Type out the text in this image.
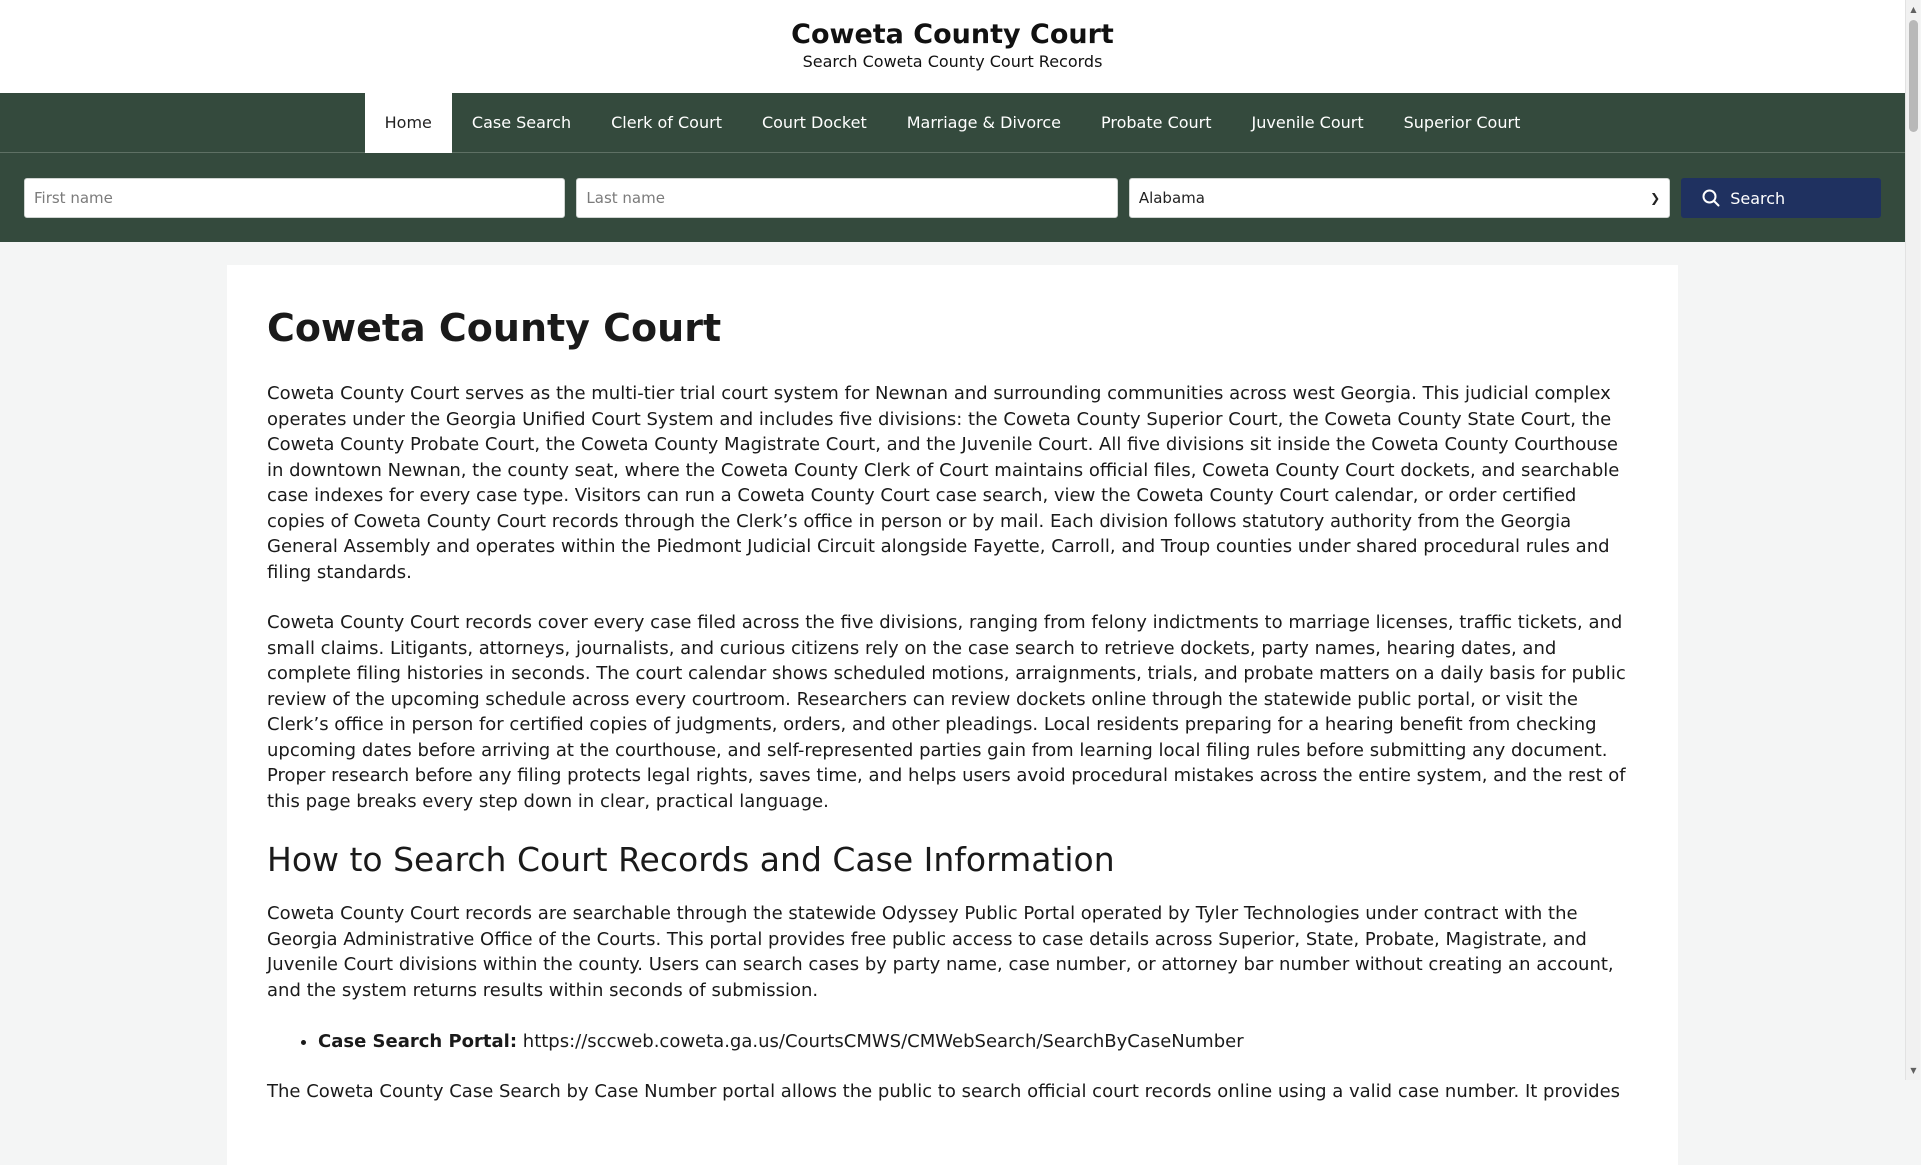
Coweta County Court
Search Coweta County Court Records
Home	Case Search	Clerk of Court	Court Docket	Marriage & Divorce	Probate Court	Juvenile Court	Superior Court
First name
Last name
Alabama	❯	Search
Coweta County Court

Coweta County Court serves as the multi-tier trial court system for Newnan and surrounding communities across west Georgia. This judicial complex operates under the Georgia Unified Court System and includes five divisions: the Coweta County Superior Court, the Coweta County State Court, the Coweta County Probate Court, the Coweta County Magistrate Court, and the Juvenile Court. All five divisions sit inside the Coweta County Courthouse in downtown Newnan, the county seat, where the Coweta County Clerk of Court maintains official files, Coweta County Court dockets, and searchable case indexes for every case type. Visitors can run a Coweta County Court case search, view the Coweta County Court calendar, or order certified copies of Coweta County Court records through the Clerk’s office in person or by mail. Each division follows statutory authority from the Georgia General Assembly and operates within the Piedmont Judicial Circuit alongside Fayette, Carroll, and Troup counties under shared procedural rules and filing standards.

Coweta County Court records cover every case filed across the five divisions, ranging from felony indictments to marriage licenses, traffic tickets, and small claims. Litigants, attorneys, journalists, and curious citizens rely on the case search to retrieve dockets, party names, hearing dates, and complete filing histories in seconds. The court calendar shows scheduled motions, arraignments, trials, and probate matters on a daily basis for public review of the upcoming schedule across every courtroom. Researchers can review dockets online through the statewide public portal, or visit the Clerk’s office in person for certified copies of judgments, orders, and other pleadings. Local residents preparing for a hearing benefit from checking upcoming dates before arriving at the courthouse, and self-represented parties gain from learning local filing rules before submitting any document. Proper research before any filing protects legal rights, saves time, and helps users avoid procedural mistakes across the entire system, and the rest of this page breaks every step down in clear, practical language.

How to Search Court Records and Case Information

Coweta County Court records are searchable through the statewide Odyssey Public Portal operated by Tyler Technologies under contract with the Georgia Administrative Office of the Courts. This portal provides free public access to case details across Superior, State, Probate, Magistrate, and Juvenile Court divisions within the county. Users can search cases by party name, case number, or attorney bar number without creating an account, and the system returns results within seconds of submission.

• Case Search Portal: https://sccweb.coweta.ga.us/CourtsCMWS/CMWebSearch/SearchByCaseNumber

The Coweta County Case Search by Case Number portal allows the public to search official court records online using a valid case number. It provides

▲
▼
